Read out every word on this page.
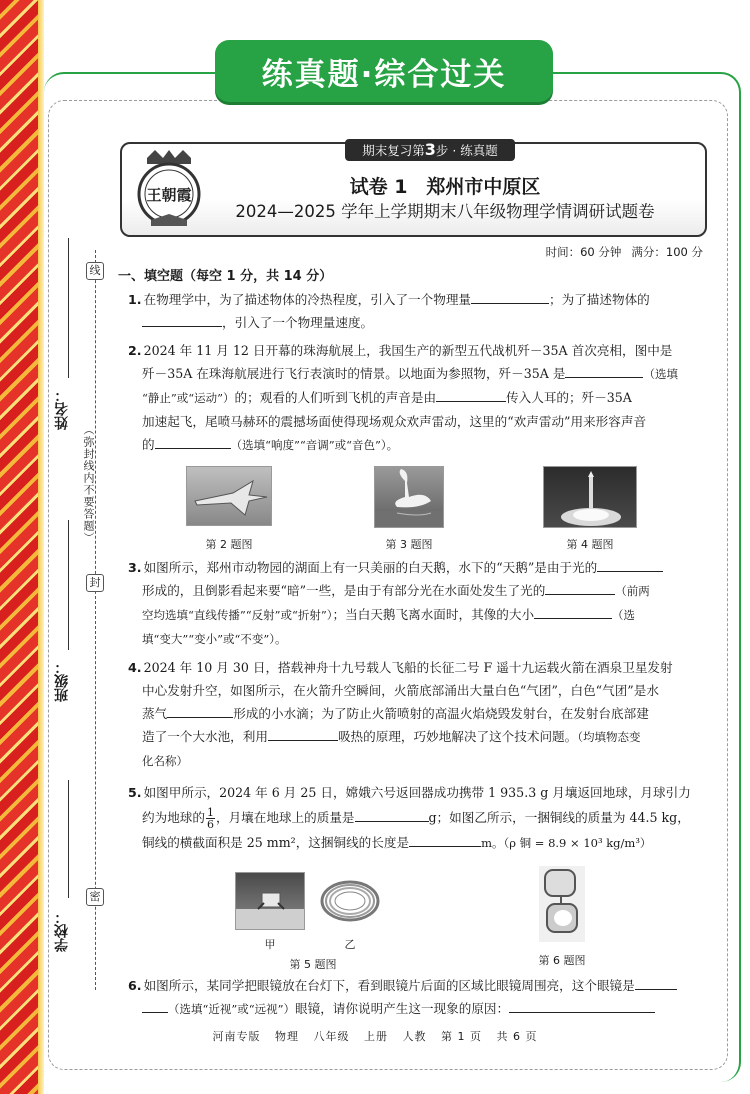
练真题·综合过关
线
封
密
姓名：
（弥封线内不要答题）
班级：
学校：
期末复习第3步 · 练真题
王朝霞	试卷 1　郑州市中原区
2024—2025 学年上学期期末八年级物理学情调研试题卷
时间：60 分钟 满分：100 分
一、填空题（每空 1 分，共 14 分）
1. 在物理学中，为了描述物体的冷热程度，引入了一个物理量	；为了描述物体的
，引入了一个物理量速度。
2. 2024 年 11 月 12 日开幕的珠海航展上，我国生产的新型五代战机歼－35A 首次亮相，图中是
歼－35A 在珠海航展进行飞行表演时的情景。以地面为参照物，歼－35A 是	（选填
“静止”或“运动”）的；观看的人们听到飞机的声音是由	传入人耳的；歼－35A
加速起飞，尾喷马赫环的震撼场面使得现场观众欢声雷动，这里的“欢声雷动”用来形容声音
的	（选填“响度”“音调”或“音色”）。
第 2 题图	第 3 题图	第 4 题图
3. 如图所示，郑州市动物园的湖面上有一只美丽的白天鹅，水下的“天鹅”是由于光的
形成的，且倒影看起来要“暗”一些，是由于有部分光在水面处发生了光的	（前两
空均选填“直线传播”“反射”或“折射”）；当白天鹅飞离水面时，其像的大小	（选
填“变大”“变小”或“不变”）。
4. 2024 年 10 月 30 日，搭载神舟十九号载人飞船的长征二号 F 遥十九运载火箭在酒泉卫星发射
中心发射升空，如图所示，在火箭升空瞬间，火箭底部涌出大量白色“气团”，白色“气团”是水
蒸气	形成的小水滴；为了防止火箭喷射的高温火焰烧毁发射台，在发射台底部建
造了一个大水池，利用	吸热的原理，巧妙地解决了这个技术问题。（均填物态变
化名称）
5. 如图甲所示，2024 年 6 月 25 日，嫦娥六号返回器成功携带 1 935.3 g 月壤返回地球，月球引力
约为地球的 $\frac{1}{6}$ ，月壤在地球上的质量是	g；如图乙所示，一捆铜线的质量为 44.5 kg，
铜线的横截面积是 25 mm²，这捆铜线的长度是	m。（ρ 铜 = 8.9 × 10³ kg/m³）
甲	乙
第 5 题图	第 6 题图
6. 如图所示，某同学把眼镜放在台灯下，看到眼镜片后面的区域比眼镜周围亮，这个眼镜是
（选填“近视”或“远视”）眼镜，请你说明产生这一现象的原因：
河南专版 物理 八年级 上册 人教 第 1 页 共 6 页
